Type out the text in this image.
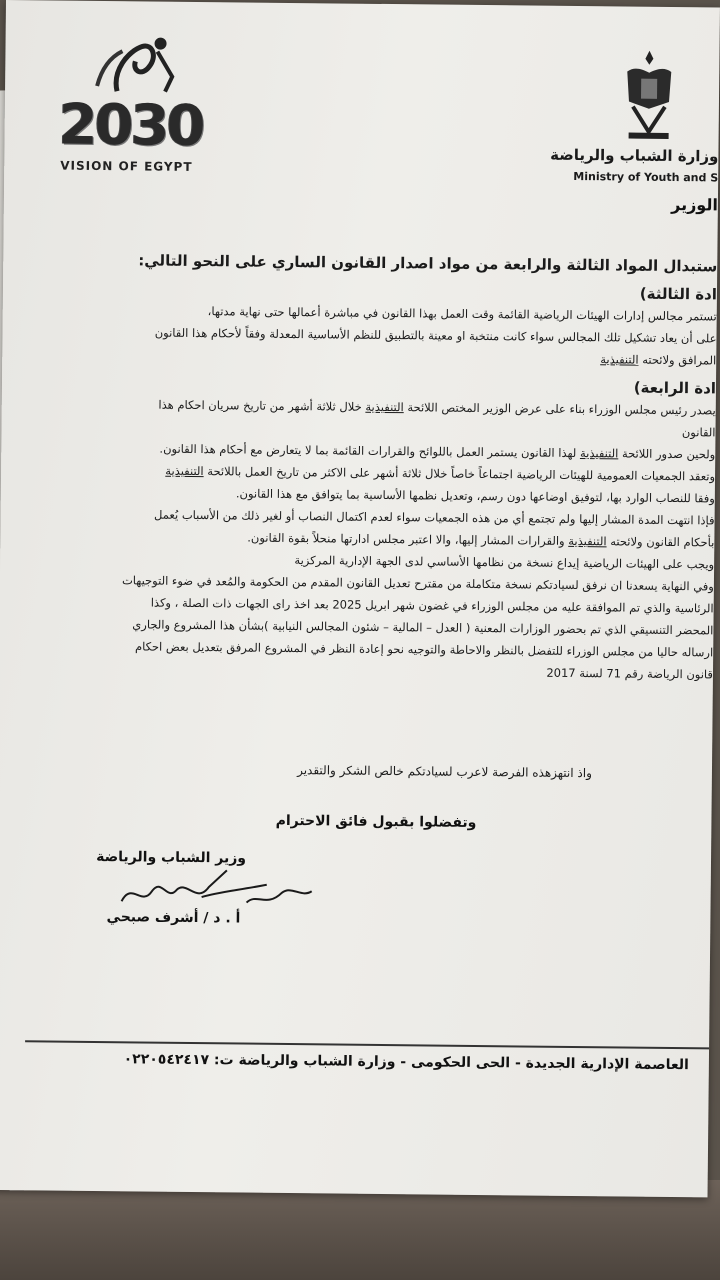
2030
VISION OF EGYPT
وزارة الشباب والرياضة
Ministry of Youth and S
الوزير
ستبدال المواد الثالثة والرابعة من مواد اصدار القانون الساري على النحو التالي:
ادة الثالثة)

تستمر مجالس إدارات الهيئات الرياضية القائمة وقت العمل بهذا القانون في مباشرة أعمالها حتى نهاية مدتها،

على أن يعاد تشكيل تلك المجالس سواء كانت منتخبة او معينة بالتطبيق للنظم الأساسية المعدلة وفقاً لأحكام هذا القانون

المرافق ولائحته التنفيذية

ادة الرابعة)

يصدر رئيس مجلس الوزراء بناء على عرض الوزير المختص اللائحة التنفيذية خلال ثلاثة أشهر من تاريخ سريان احكام هذا

القانون

ولحين صدور اللائحة التنفيذية لهذا القانون يستمر العمل باللوائح والقرارات القائمة بما لا يتعارض مع أحكام هذا القانون.

وتعقد الجمعيات العمومية للهيئات الرياضية اجتماعاً خاصاً خلال ثلاثة أشهر على الاكثر من تاريخ العمل باللائحة التنفيذية

وفقا للنصاب الوارد بها، لتوفيق اوضاعها دون رسم، وتعديل نظمها الأساسية بما يتوافق مع هذا القانون.

فإذا انتهت المدة المشار إليها ولم تجتمع أي من هذه الجمعيات سواء لعدم اكتمال النصاب أو لغير ذلك من الأسباب يُعمل

بأحكام القانون ولائحته التنفيذية والقرارات المشار إليها، والا اعتبر مجلس ادارتها منحلاً بقوة القانون.

ويجب على الهيئات الرياضية إيداع نسخة من نظامها الأساسي لدى الجهة الإدارية المركزية

وفي النهاية يسعدنا ان نرفق لسيادتكم نسخة متكاملة من مقترح تعديل القانون المقدم من الحكومة والمُعد في ضوء التوجيهات

الرئاسية والذي تم الموافقة عليه من مجلس الوزراء في غضون شهر ابريل 2025 بعد اخذ راى الجهات ذات الصلة ، وكذا

المحضر التنسيقي الذي تم بحضور الوزارات المعنية ( العدل – المالية – شئون المجالس النيابية )بشأن هذا المشروع والجاري

ارساله حاليا من مجلس الوزراء للتفضل بالنظر والاحاطة والتوجيه نحو إعادة النظر في المشروع المرفق بتعديل بعض احكام

قانون الرياضة رقم 71 لسنة 2017

واذ انتهزهذه الفرصة لاعرب لسيادتكم خالص الشكر والتقدير
وتفضلوا بقبول فائق الاحترام
وزير الشباب والرياضة
أ . د / أشرف صبحي
العاصمة الإدارية الجديدة - الحى الحكومى - وزارة الشباب والرياضة ت: ٠٢٢٠٥٤٢٤١٧
